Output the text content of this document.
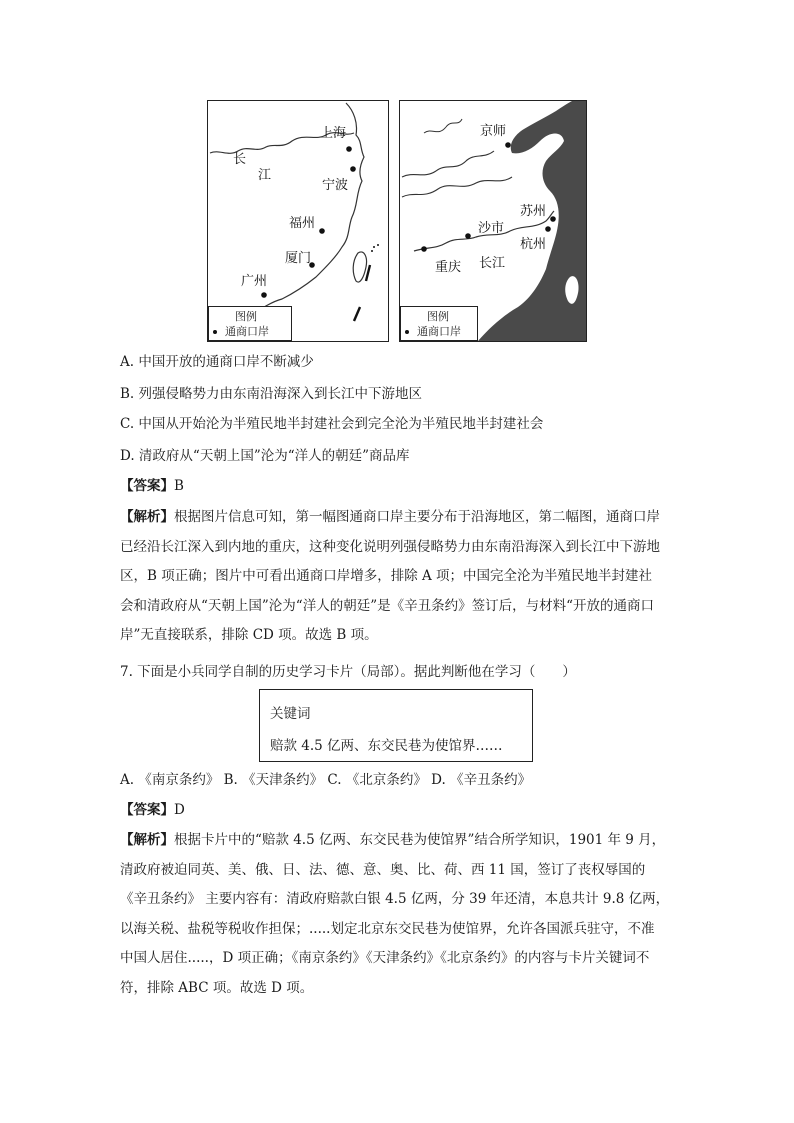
长
江
上海
宁波
福州
厦门
广州
图例
通商口岸
京师
苏州
杭州
沙市
重庆 长江
图例
通商口岸
A. 中国开放的通商口岸不断减少
B. 列强侵略势力由东南沿海深入到长江中下游地区
C. 中国从开始沦为半殖民地半封建社会到完全沦为半殖民地半封建社会
D. 清政府从“天朝上国”沦为“洋人的朝廷”商品库
【答案】B
【解析】根据图片信息可知，第一幅图通商口岸主要分布于沿海地区，第二幅图，通商口岸
已经沿长江深入到内地的重庆，这种变化说明列强侵略势力由东南沿海深入到长江中下游地
区，B 项正确；图片中可看出通商口岸增多，排除 A 项；中国完全沦为半殖民地半封建社
会和清政府从“天朝上国”沦为“洋人的朝廷”是《辛丑条约》签订后，与材料“开放的通商口
岸”无直接联系，排除 CD 项。故选 B 项。
7. 下面是小兵同学自制的历史学习卡片（局部）。据此判断他在学习（　　）
关键词
赔款 4.5 亿两、东交民巷为使馆界……
A. 《南京条约》 B. 《天津条约》 C. 《北京条约》 D. 《辛丑条约》
【答案】D
【解析】根据卡片中的“赔款 4.5 亿两、东交民巷为使馆界”结合所学知识，1901 年 9 月，
清政府被迫同英、美、俄、日、法、德、意、奥、比、荷、西 11 国，签订了丧权辱国的
《辛丑条约》 主要内容有：清政府赔款白银 4.5 亿两，分 39 年还清，本息共计 9.8 亿两，
以海关税、盐税等税收作担保；.....划定北京东交民巷为使馆界，允许各国派兵驻守，不准
中国人居住.....，D 项正确；《南京条约》《天津条约》《北京条约》的内容与卡片关键词不
符，排除 ABC 项。故选 D 项。
